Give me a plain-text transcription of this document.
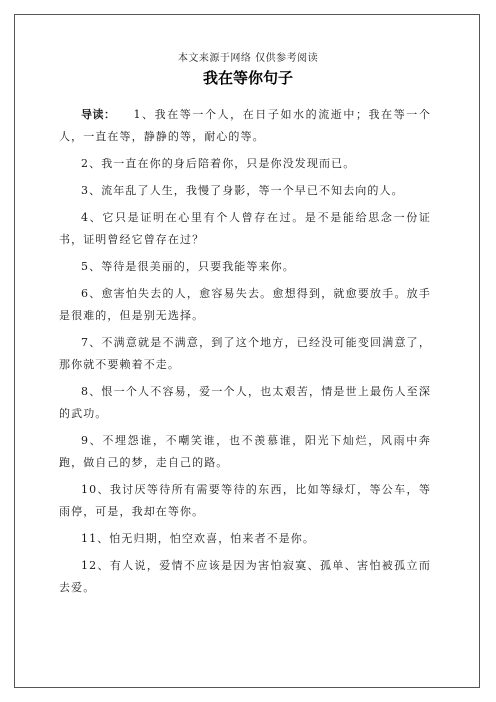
本文来源于网络 仅供参考阅读
我在等你句子

导读： 1、我在等一个人，在日子如水的流逝中；我在等一个人，一直在等，静静的等，耐心的等。

2、我一直在你的身后陪着你，只是你没发现而已。

3、流年乱了人生，我慢了身影，等一个早已不知去向的人。

4、它只是证明在心里有个人曾存在过。是不是能给思念一份证书，证明曾经它曾存在过？

5、等待是很美丽的，只要我能等来你。

6、愈害怕失去的人，愈容易失去。愈想得到，就愈要放手。放手是很难的，但是别无选择。

7、不满意就是不满意，到了这个地方，已经没可能变回满意了，那你就不要赖着不走。

8、恨一个人不容易，爱一个人，也太艰苦，情是世上最伤人至深的武功。

9、不埋怨谁，不嘲笑谁，也不羡慕谁，阳光下灿烂，风雨中奔跑，做自己的梦，走自己的路。

10、我讨厌等待所有需要等待的东西，比如等绿灯，等公车，等雨停，可是，我却在等你。

11、怕无归期，怕空欢喜，怕来者不是你。

12、有人说，爱情不应该是因为害怕寂寞、孤单、害怕被孤立而去爱。
